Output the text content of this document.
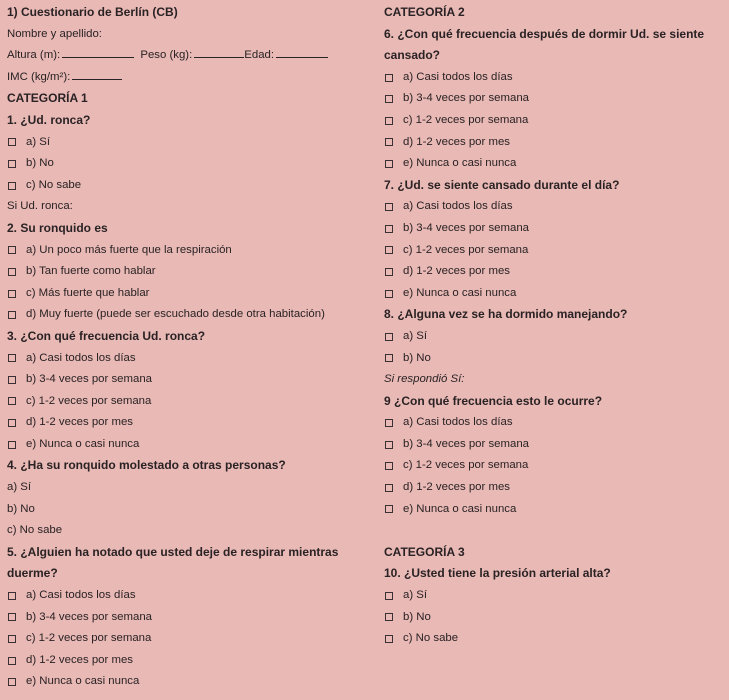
1) Cuestionario de Berlín (CB)
Nombre y apellido:
Altura (m):	Peso (kg):	Edad:
IMC (kg/m²):
CATEGORÍA 1
1. ¿Ud. ronca?
a) Sí
b) No
c) No sabe
Si Ud. ronca:
2. Su ronquido es
a) Un poco más fuerte que la respiración
b) Tan fuerte como hablar
c) Más fuerte que hablar
d) Muy fuerte (puede ser escuchado desde otra habitación)
3. ¿Con qué frecuencia Ud. ronca?
a) Casi todos los días
b) 3-4 veces por semana
c) 1-2 veces por semana
d) 1-2 veces por mes
e) Nunca o casi nunca
4. ¿Ha su ronquido molestado a otras personas?
a) Sí
b) No
c) No sabe
5. ¿Alguien ha notado que usted deje de respirar mientras
duerme?
a) Casi todos los días
b) 3-4 veces por semana
c) 1-2 veces por semana
d) 1-2 veces por mes
e) Nunca o casi nunca
CATEGORÍA 2
6. ¿Con qué frecuencia después de dormir Ud. se siente
cansado?
a) Casi todos los días
b) 3-4 veces por semana
c) 1-2 veces por semana
d) 1-2 veces por mes
e) Nunca o casi nunca
7. ¿Ud. se siente cansado durante el día?
a) Casi todos los días
b) 3-4 veces por semana
c) 1-2 veces por semana
d) 1-2 veces por mes
e) Nunca o casi nunca
8. ¿Alguna vez se ha dormido manejando?
a) Sí
b) No
Si respondió Sí:
9 ¿Con qué frecuencia esto le ocurre?
a) Casi todos los días
b) 3-4 veces por semana
c) 1-2 veces por semana
d) 1-2 veces por mes
e) Nunca o casi nunca
CATEGORÍA 3
10. ¿Usted tiene la presión arterial alta?
a) Sí
b) No
c) No sabe
